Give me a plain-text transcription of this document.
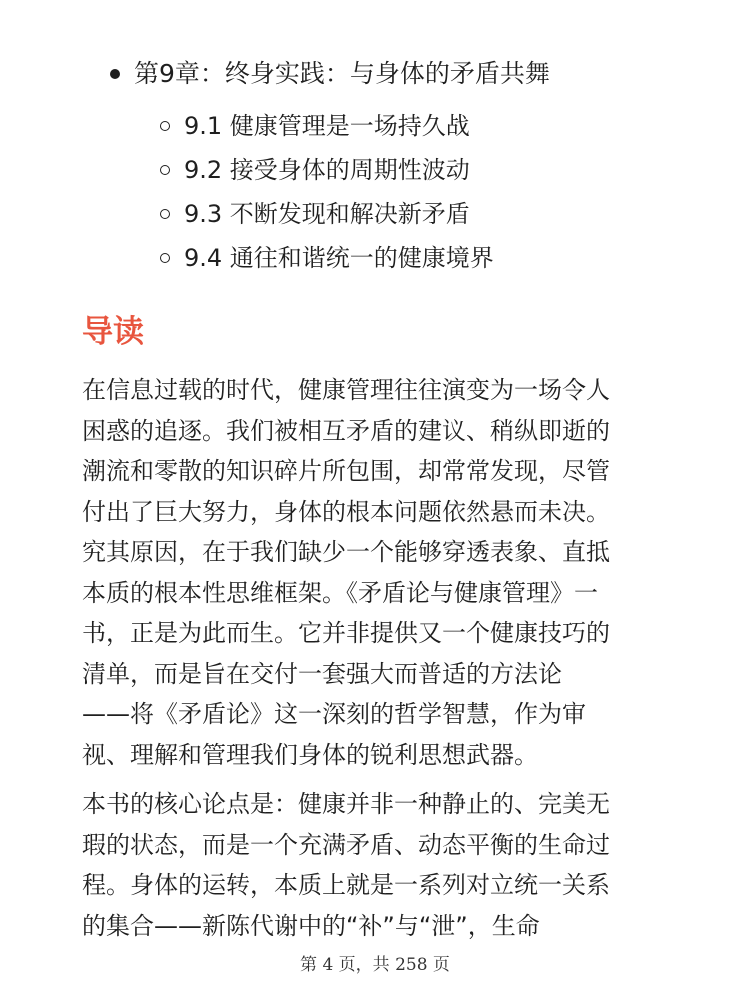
第9章：终身实践：与身体的矛盾共舞
9.1 健康管理是一场持久战
9.2 接受身体的周期性波动
9.3 不断发现和解决新矛盾
9.4 通往和谐统一的健康境界
导读

在信息过载的时代，健康管理往往演变为一场令人
困惑的追逐。我们被相互矛盾的建议、稍纵即逝的
潮流和零散的知识碎片所包围，却常常发现，尽管
付出了巨大努力，身体的根本问题依然悬而未决。
究其原因，在于我们缺少一个能够穿透表象、直抵
本质的根本性思维框架。《矛盾论与健康管理》一
书，正是为此而生。它并非提供又一个健康技巧的
清单，而是旨在交付一套强大而普适的方法论
——将《矛盾论》这一深刻的哲学智慧，作为审
视、理解和管理我们身体的锐利思想武器。

本书的核心论点是：健康并非一种静止的、完美无
瑕的状态，而是一个充满矛盾、动态平衡的生命过
程。身体的运转，本质上就是一系列对立统一关系
的集合——新陈代谢中的“补”与“泄”，生命

第 4 页，共 258 页
